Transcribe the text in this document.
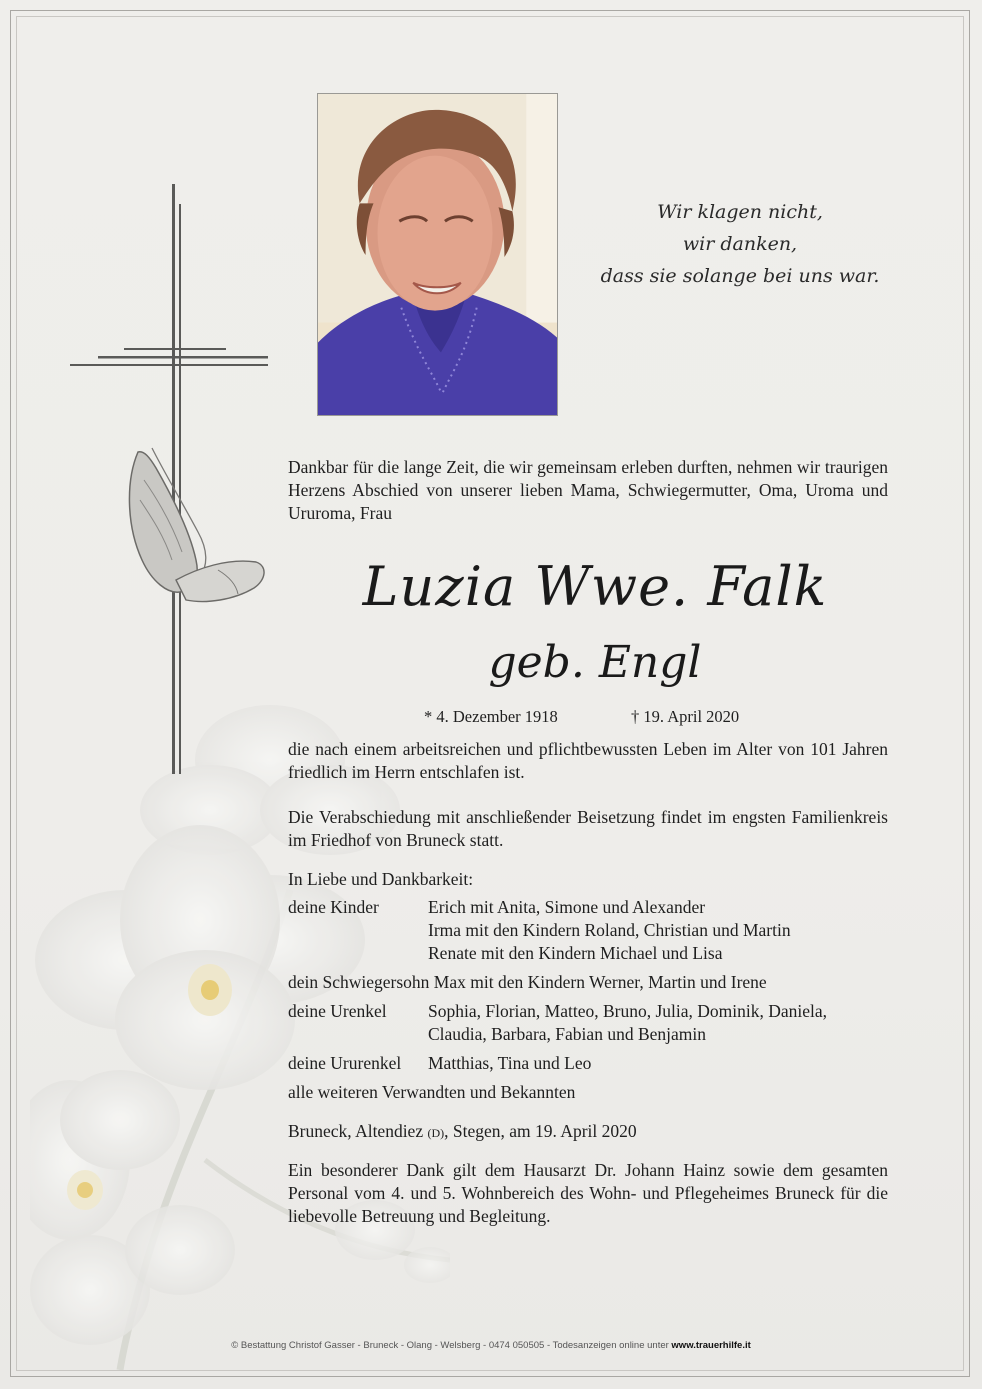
Wir klagen nicht,
wir danken,
dass sie solange bei uns war.
Dankbar für die lange Zeit, die wir gemeinsam erleben durften, nehmen wir traurigen Herzens Abschied von unserer lieben Mama, Schwiegermutter, Oma, Uroma und Ururoma, Frau
Luzia Wwe. Falk
geb. Engl
* 4. Dezember 1918	† 19. April 2020
die nach einem arbeitsreichen und pflichtbewussten Leben im Alter von 101 Jahren friedlich im Herrn entschlafen ist.
Die Verabschiedung mit anschließender Beisetzung findet im engsten Familienkreis im Friedhof von Bruneck statt.
In Liebe und Dankbarkeit:
deine Kinder	Erich mit Anita, Simone und Alexander
Irma mit den Kindern Roland, Christian und Martin
Renate mit den Kindern Michael und Lisa
dein Schwiegersohn Max mit den Kindern Werner, Martin und Irene
deine Urenkel Sophia, Florian, Matteo, Bruno, Julia, Dominik, Daniela,
Claudia, Barbara, Fabian und Benjamin
deine Ururenkel Matthias, Tina und Leo
alle weiteren Verwandten und Bekannten
Bruneck, Altendiez (D), Stegen, am 19. April 2020
Ein besonderer Dank gilt dem Hausarzt Dr. Johann Hainz sowie dem gesamten Personal vom 4. und 5. Wohnbereich des Wohn- und Pflegeheimes Bruneck für die liebevolle Betreuung und Begleitung.
© Bestattung Christof Gasser - Bruneck - Olang - Welsberg - 0474 050505 - Todesanzeigen online unter www.trauerhilfe.it
